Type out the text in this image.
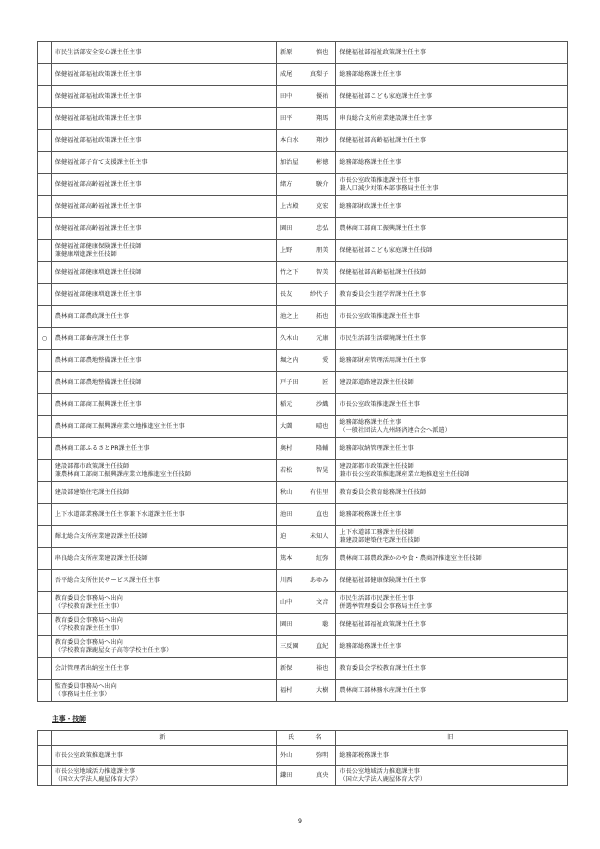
	市民生活部安全安心課主任主事	新原 慎也	保健福祉部福祉政策課主任主事

	保健福祉部福祉政策課主任主事	成尾 真梨子	総務部総務課主任主事

	保健福祉部福祉政策課主任主事	田中 優祐	保健福祉部こども家庭課主任主事

	保健福祉部福祉政策課主任主事	田平 翔馬	串良総合支所産業建設課主任主事

	保健福祉部福祉政策課主任主事	本白水 翔沙	保健福祉部高齢福祉課主任主事

	保健福祉部子育て支援課主任主事	加治屋 彬徳	総務部総務課主任主事

	保健福祉部高齢福祉課主任主事	緒方 駿介	市長公室政策推進課主任主事
兼人口減少対策本部事務局主任主事

	保健福祉部高齢福祉課主任主事	上古殿 克宏	総務部財政課主任主事

	保健福祉部高齢福祉課主任主事	園田 忠弘	農林商工部商工振興課主任主事

	保健福祉部健康保険課主任技師
兼健康増進課主任技師	上野 朋美	保健福祉部こども家庭課主任技師

	保健福祉部健康増進課主任技師	竹之下 智美	保健福祉部高齢福祉課主任技師

	保健福祉部健康増進課主任主事	長友 紗代子	教育委員会生涯学習課主任主事

	農林商工部農政課主任主事	池之上 拓也	市長公室政策推進課主任主事

○	農林商工部畜産課主任主事	久木山 元康	市民生活部生活環境課主任主事

	農林商工部農地整備課主任主事	堀之内 愛	総務部財産管理活用課主任主事

	農林商工部農地整備課主任技師	戸子田 匠	建設部道路建設課主任技師

	農林商工部商工振興課主任主事	稲元 沙織	市長公室政策推進課主任主事

	農林商工部商工振興課産業立地推進室主任主事	大薗 晴也	総務部総務課主任主事
（一般社団法人九州経済連合会へ派遣）

	農林商工部ふるさとPR課主任主事	奥村 隆輔	総務部収納管理課主任主事

	建設部都市政策課主任技師
兼農林商工部商工振興課産業立地推進室主任技師	若松 智晃	建設部都市政策課主任技師
兼市長公室政策推進課産業立地推進室主任技師

	建設部建築住宅課主任技師	秋山 有佳里	教育委員会教育総務課主任技師

	上下水道部業務課主任主事兼下水道課主任主事	池田 直也	総務部税務課主任主事

	輝北総合支所産業建設課主任技師	迫 未知人	上下水道部工務課主任技師
兼建設部建築住宅課主任技師

	串良総合支所産業建設課主任技師	篤本 紅弥	農林商工部農政課かのや食・農商評推進室主任技師

	吾平総合支所住民サービス課主任主事	川西 あゆみ	保健福祉部健康保険課主任主事

	教育委員会事務局へ出向
（学校教育課主任主事）	山中 文音	市民生活部市民課主任主事
併選挙管理委員会事務局主任主事

	教育委員会事務局へ出向
（学校教育課主任主事）	園田 聡	保健福祉部福祉政策課主任主事

	教育委員会事務局へ出向
（学校教育課鹿屋女子高等学校主任主事）	三反園 直紀	総務部総務課主任主事

	会計管理者出納室主任主事	新保 裕也	教育委員会学校教育課主任主事

	監査委員事務局へ出向
（事務局主任主事）	福村 大樹	農林商工部林務水産課主任主事
主事・技師
	新	氏　　名	旧

	市長公室政策推進課主事	外山 弥明	総務部税務課主事

	市長公室地域活力推進課主事
（国立大学法人鹿屋体育大学）	鎌田 真央	市長公室地域活力推進課主事
（国立大学法人鹿屋体育大学）
9
